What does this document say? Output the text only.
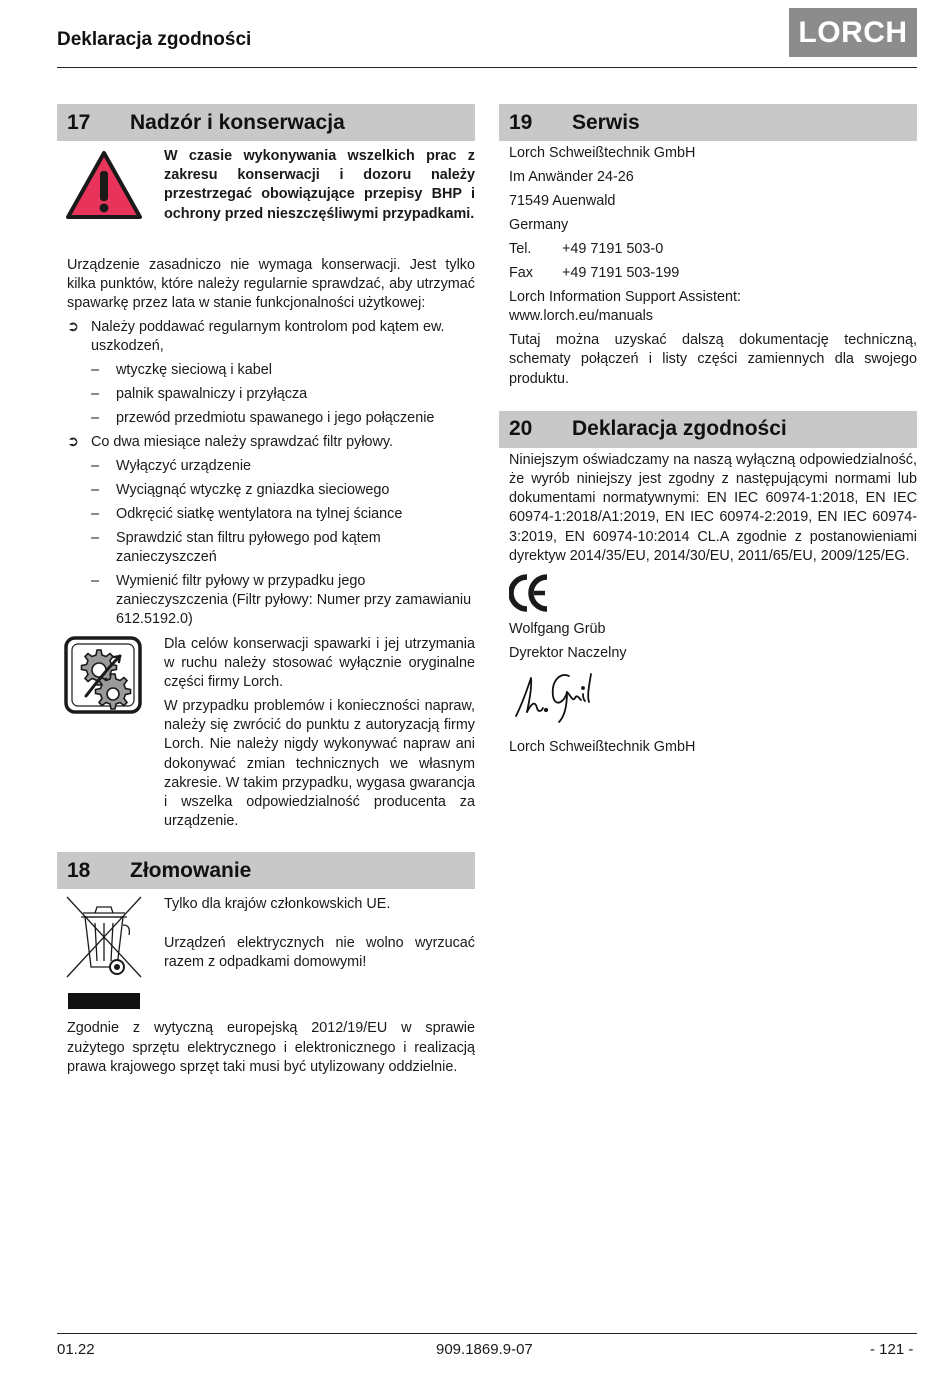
Deklaracja zgodności	LORCH
17	Nadzór i konserwacja
W czasie wykonywania wszelkich prac z zakresu konserwacji i dozoru należy przestrzegać obowiązujące przepisy BHP i ochrony przed nieszczęśliwymi przypadkami.
Urządzenie zasadniczo nie wymaga konserwacji. Jest tylko kilka punktów, które należy regularnie sprawdzać, aby utrzymać spawarkę przez lata w stanie funkcjonalności użytkowej:
➲ Należy poddawać regularnym kontrolom pod kątem ew. uszkodzeń,
–	wtyczkę sieciową i kabel
–	palnik spawalniczy i przyłącza
–	przewód przedmiotu spawanego i jego połączenie
➲ Co dwa miesiące należy sprawdzać filtr pyłowy.
–	Wyłączyć urządzenie
–	Wyciągnąć wtyczkę z gniazdka sieciowego
–	Odkręcić siatkę wentylatora na tylnej ściance
–	Sprawdzić stan filtru pyłowego pod kątem zanieczyszczeń
–	Wymienić filtr pyłowy w przypadku jego zanieczyszczenia (Filtr pyłowy: Numer przy zamawianiu 612.5192.0)
Dla celów konserwacji spawarki i jej utrzymania w ruchu należy stosować wyłącznie oryginalne części firmy Lorch.
W przypadku problemów i konieczności napraw, należy się zwrócić do punktu z autoryzacją firmy Lorch. Nie należy nigdy wykonywać napraw ani dokonywać zmian technicznych we własnym zakresie. W takim przypadku, wygasa gwarancja i wszelka odpowiedzialność producenta za urządzenie.
18	Złomowanie
Tylko dla krajów członkowskich UE.
Urządzeń elektrycznych nie wolno wyrzucać razem z odpadkami domowymi!
Zgodnie z wytyczną europejską 2012/19/EU w sprawie zużytego sprzętu elektrycznego i elektronicznego i realizacją prawa krajowego sprzęt taki musi być utylizowany oddzielnie.
19	Serwis
Lorch Schweißtechnik GmbH
Im Anwänder 24-26
71549 Auenwald
Germany
Tel.	+49 7191 503-0
Fax	+49 7191 503-199
Lorch Information Support Assistent:
www.lorch.eu/manuals
Tutaj można uzyskać dalszą dokumentację techniczną, schematy połączeń i listy części zamiennych dla swojego produktu.
20	Deklaracja zgodności
Niniejszym oświadczamy na naszą wyłączną odpowiedzialność, że wyrób niniejszy jest zgodny z następującymi normami lub dokumentami normatywnymi: EN IEC 60974-1:2018, EN IEC 60974-1:2018/A1:2019, EN IEC 60974-2:2019, EN IEC 60974-3:2019, EN 60974-10:2014 CL.A zgodnie z postanowieniami dyrektyw 2014/35/EU, 2014/30/EU, 2011/65/EU, 2009/125/EG.
Wolfgang Grüb
Dyrektor Naczelny
Lorch Schweißtechnik GmbH
01.22	909.1869.9-07	- 121 -
